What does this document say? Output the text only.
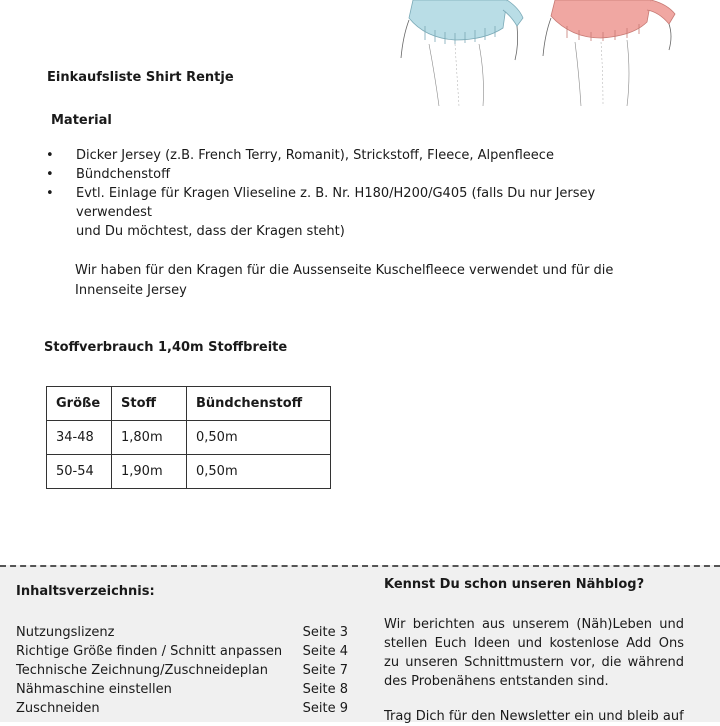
Einkaufsliste Shirt Rentje
Material
• Dicker Jersey (z.B. French Terry, Romanit), Strickstoff, Fleece, Alpenfleece
• Bündchenstoff
• Evtl. Einlage für Kragen Vlieseline z. B. Nr. H180/H200/G405 (falls Du nur Jersey verwendest
und Du möchtest, dass der Kragen steht)
Wir haben für den Kragen für die Aussenseite Kuschelfleece verwendet und für die
Innenseite Jersey
Stoffverbrauch 1,40m Stoffbreite
Größe	Stoff	Bündchenstoff
34-48	1,80m	0,50m
50-54	1,90m	0,50m
Inhaltsverzeichnis:
Nutzungslizenz	Seite 3
Richtige Größe finden / Schnitt anpassen Seite 4
Technische Zeichnung/Zuschneideplan	Seite 7
Nähmaschine einstellen	Seite 8
Zuschneiden	Seite 9
Kennst Du schon unseren Nähblog?
Wir berichten aus unserem (Näh)Leben und stellen Euch Ideen und kostenlose Add Ons zu unseren Schnittmustern vor, die während des Probenähens entstanden sind.
Trag Dich für den Newsletter ein und bleib auf
